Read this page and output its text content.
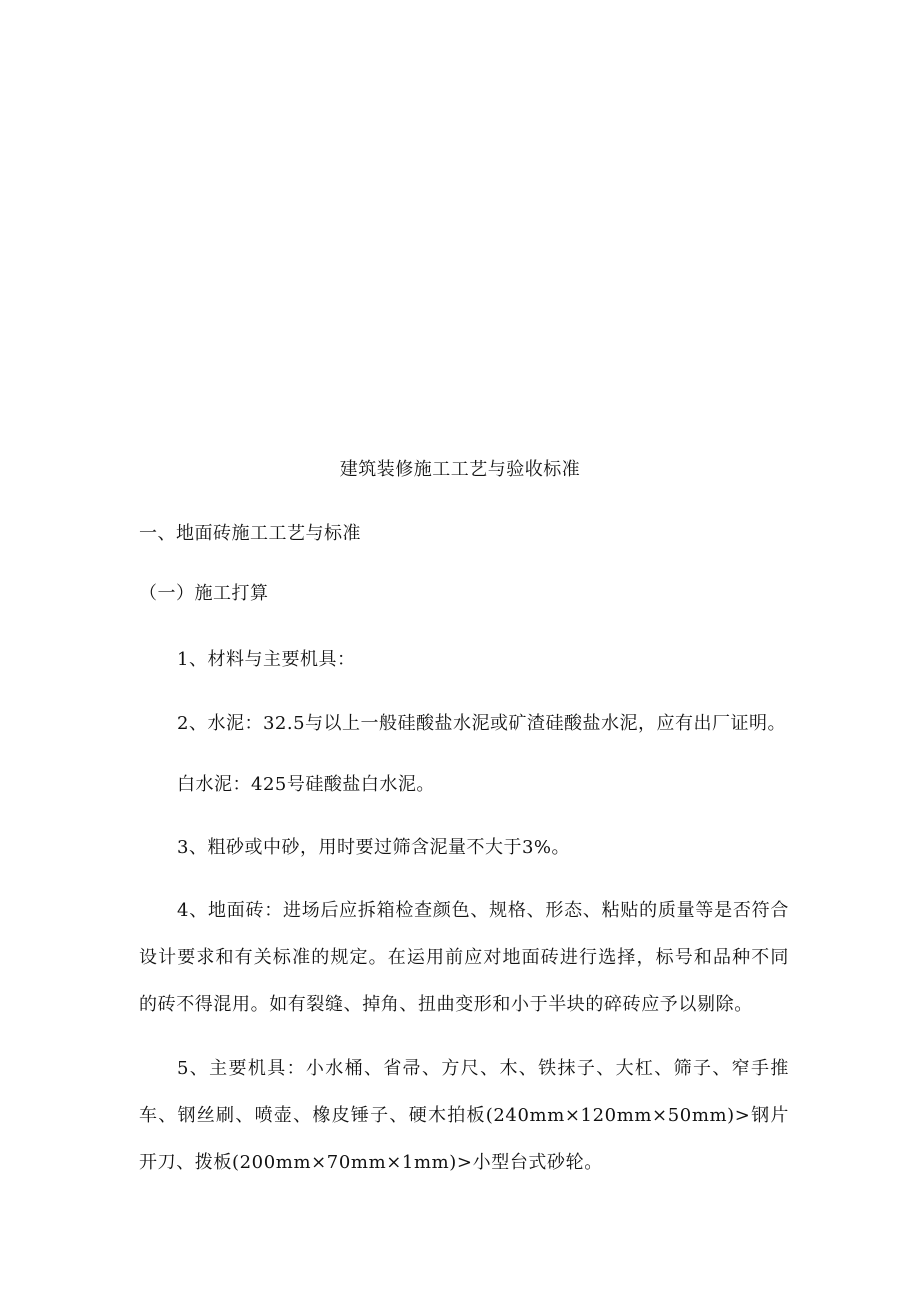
建筑装修施工工艺与验收标准
一、地面砖施工工艺与标准
（一）施工打算
1、材料与主要机具：
2、水泥：32.5与以上一般硅酸盐水泥或矿渣硅酸盐水泥，应有出厂证明。
白水泥：425号硅酸盐白水泥。
3、粗砂或中砂，用时要过筛含泥量不大于3%。
4、地面砖：进场后应拆箱检查颜色、规格、形态、粘贴的质量等是否符合设计要求和有关标准的规定。在运用前应对地面砖进行选择，标号和品种不同的砖不得混用。如有裂缝、掉角、扭曲变形和小于半块的碎砖应予以剔除。
5、主要机具：小水桶、省帚、方尺、木、铁抹子、大杠、筛子、窄手推车、钢丝刷、喷壶、橡皮锤子、硬木拍板(240mm×120mm×50mm)>钢片开刀、拨板(200mm×70mm×1mm)>小型台式砂轮。
